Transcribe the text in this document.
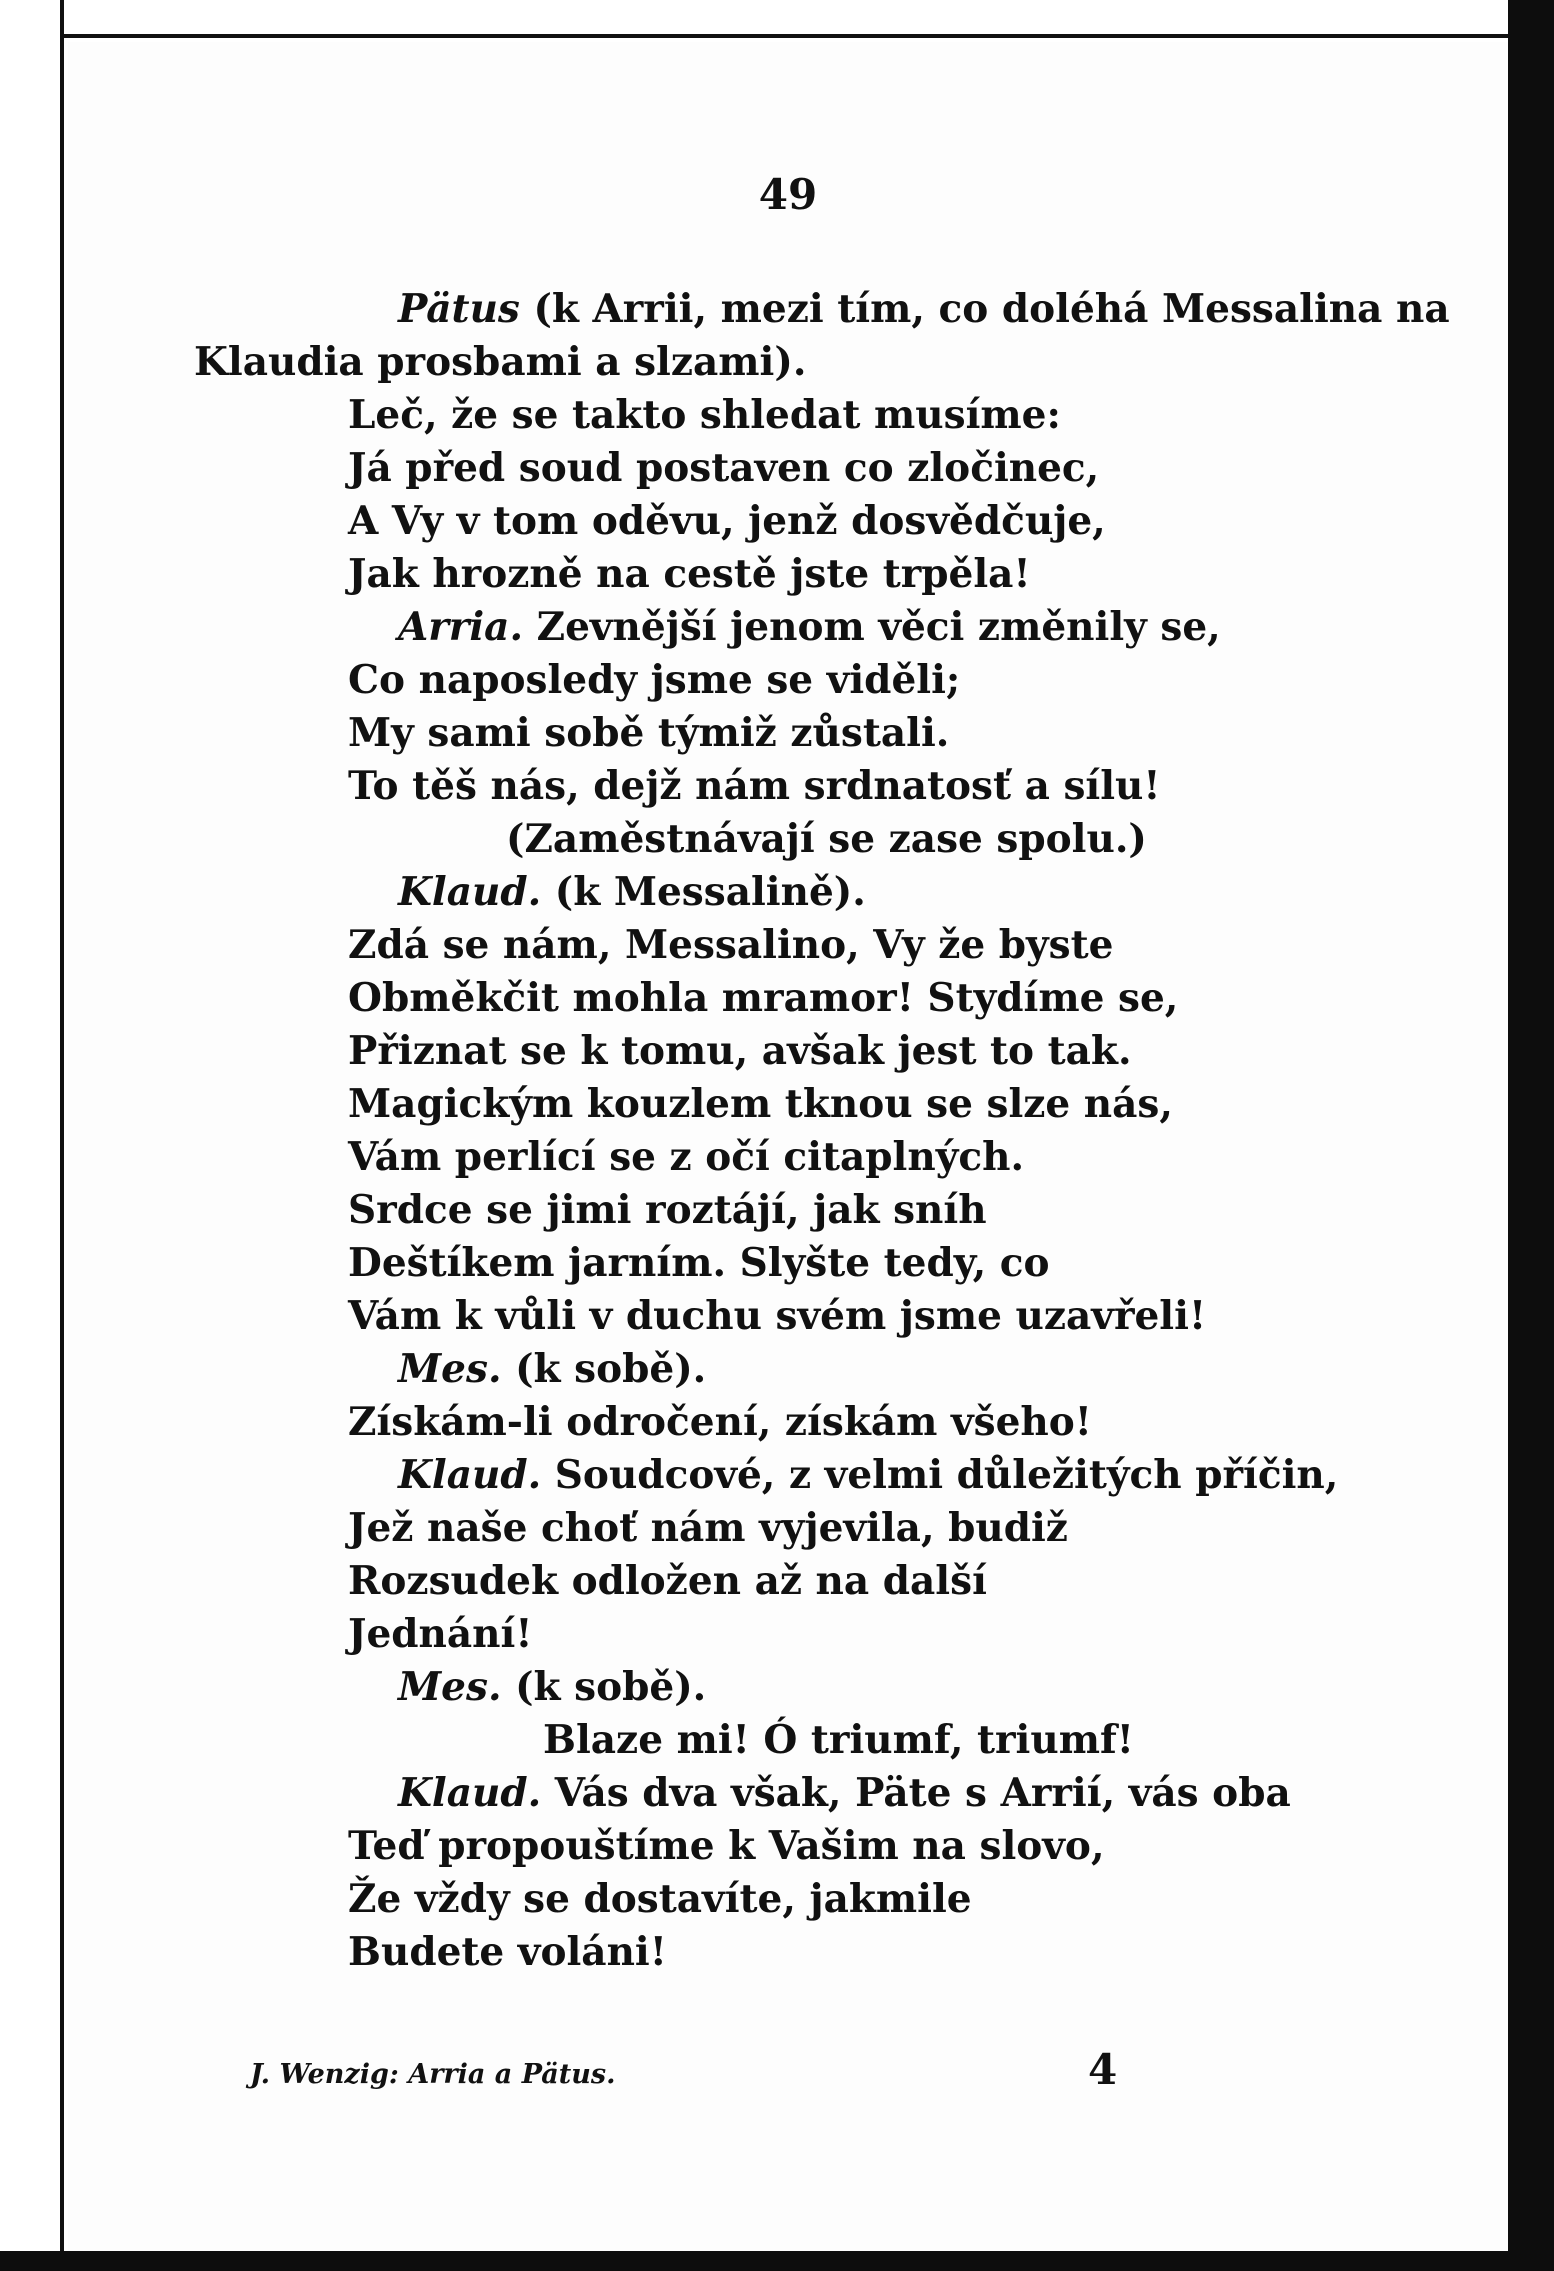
49
Pätus (k Arrii, mezi tím, co doléhá Messalina na
Klaudia prosbami a slzami).
Leč, že se takto shledat musíme:
Já před soud postaven co zločinec,
A Vy v tom oděvu, jenž dosvědčuje,
Jak hrozně na cestě jste trpěla!
Arria. Zevnější jenom věci změnily se,
Co naposledy jsme se viděli;
My sami sobě týmiž zůstali.
To těš nás, dejž nám srdnatosť a sílu!
(Zaměstnávají se zase spolu.)
Klaud. (k Messalině).
Zdá se nám, Messalino, Vy že byste
Obměkčit mohla mramor! Stydíme se,
Přiznat se k tomu, avšak jest to tak.
Magickým kouzlem tknou se slze nás,
Vám perlící se z očí citaplných.
Srdce se jimi roztájí, jak sníh
Deštíkem jarním. Slyšte tedy, co
Vám k vůli v duchu svém jsme uzavřeli!
Mes. (k sobě).
Získám-li odročení, získám všeho!
Klaud. Soudcové, z velmi důležitých příčin,
Jež naše choť nám vyjevila, budiž
Rozsudek odložen až na další
Jednání!
Mes. (k sobě).
Blaze mi! Ó triumf, triumf!
Klaud. Vás dva však, Päte s Arrií, vás oba
Teď propouštíme k Vašim na slovo,
Že vždy se dostavíte, jakmile
Budete voláni!
J. Wenzig: Arria a Pätus.	4
